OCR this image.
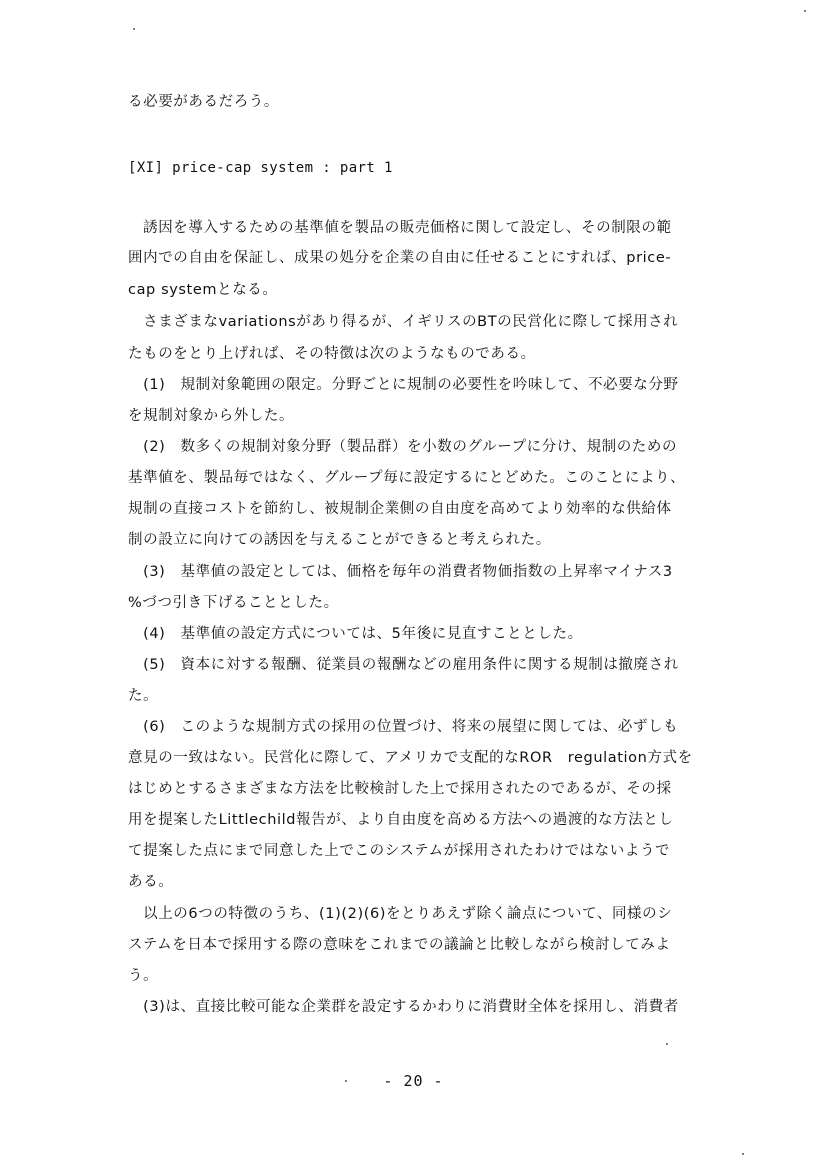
る必要があるだろう。
[XI] price-cap system : part 1
　誘因を導入するための基準値を製品の販売価格に関して設定し、その制限の範
囲内での自由を保証し、成果の処分を企業の自由に任せることにすれば、price-
cap systemとなる。
　さまざまなvariationsがあり得るが、イギリスのBTの民営化に際して採用され
たものをとり上げれば、その特徴は次のようなものである。
　(1)　規制対象範囲の限定。分野ごとに規制の必要性を吟味して、不必要な分野
を規制対象から外した。
　(2)　数多くの規制対象分野（製品群）を小数のグループに分け、規制のための
基準値を、製品毎ではなく、グループ毎に設定するにとどめた。このことにより、
規制の直接コストを節約し、被規制企業側の自由度を高めてより効率的な供給体
制の設立に向けての誘因を与えることができると考えられた。
　(3)　基準値の設定としては、価格を毎年の消費者物価指数の上昇率マイナス3
%づつ引き下げることとした。
　(4)　基準値の設定方式については、5年後に見直すこととした。
　(5)　資本に対する報酬、従業員の報酬などの雇用条件に関する規制は撤廃され
た。
　(6)　このような規制方式の採用の位置づけ、将来の展望に関しては、必ずしも
意見の一致はない。民営化に際して、アメリカで支配的なROR　regulation方式を
はじめとするさまざまな方法を比較検討した上で採用されたのであるが、その採
用を提案したLittlechild報告が、より自由度を高める方法への過渡的な方法とし
て提案した点にまで同意した上でこのシステムが採用されたわけではないようで
ある。
　以上の6つの特徴のうち、(1)(2)(6)をとりあえず除く論点について、同様のシ
ステムを日本で採用する際の意味をこれまでの議論と比較しながら検討してみよ
う。
　(3)は、直接比較可能な企業群を設定するかわりに消費財全体を採用し、消費者
- 20 -
